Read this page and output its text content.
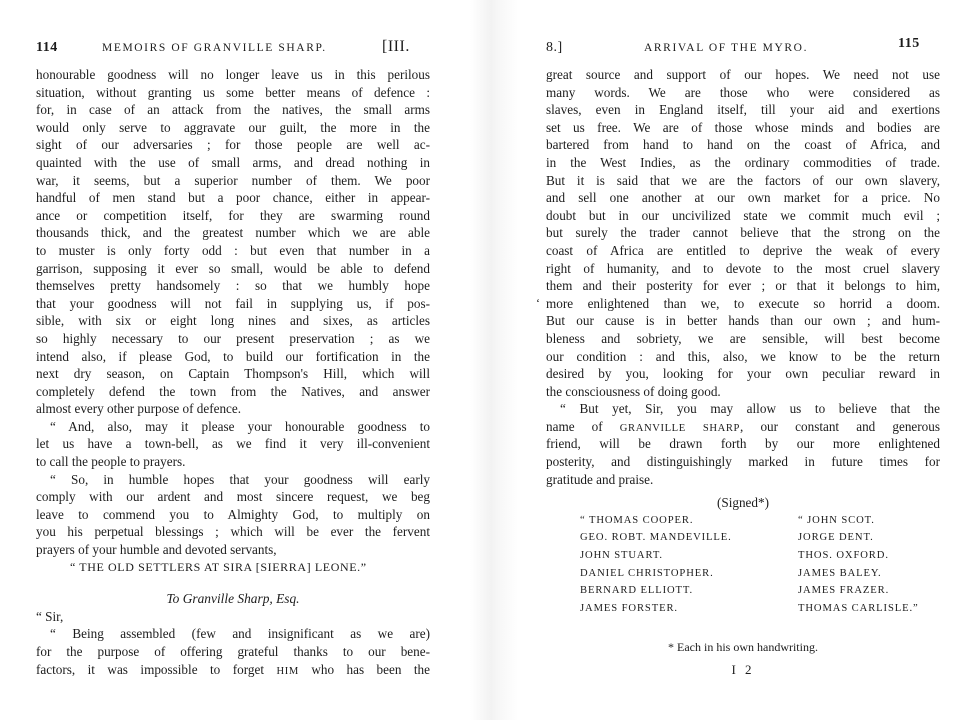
114	MEMOIRS OF GRANVILLE SHARP.	[III.
honourable goodness will no longer leave us in this perilous
situation, without granting us some better means of defence :
for, in case of an attack from the natives, the small arms
would only serve to aggravate our guilt, the more in the
sight of our adversaries ; for those people are well ac-
quainted with the use of small arms, and dread nothing in
war, it seems, but a superior number of them. We poor
handful of men stand but a poor chance, either in appear-
ance or competition itself, for they are swarming round
thousands thick, and the greatest number which we are able
to muster is only forty odd : but even that number in a
garrison, supposing it ever so small, would be able to defend
themselves pretty handsomely : so that we humbly hope
that your goodness will not fail in supplying us, if pos-
sible, with six or eight long nines and sixes, as articles
so highly necessary to our present preservation ; as we
intend also, if please God, to build our fortification in the
next dry season, on Captain Thompson's Hill, which will
completely defend the town from the Natives, and answer
almost every other purpose of defence.
“ And, also, may it please your honourable goodness to
let us have a town-bell, as we find it very ill-convenient
to call the people to prayers.
“ So, in humble hopes that your goodness will early
comply with our ardent and most sincere request, we beg
leave to commend you to Almighty God, to multiply on
you his perpetual blessings ; which will be ever the fervent
prayers of your humble and devoted servants,
“ THE OLD SETTLERS AT SIRA [SIERRA] LEONE.”
To Granville Sharp, Esq.
“ Sir,
“ Being assembled (few and insignificant as we are)
for the purpose of offering grateful thanks to our bene-
factors, it was impossible to forget HIM who has been the
8.]	ARRIVAL OF THE MYRO.	115
great source and support of our hopes. We need not use
many words. We are those who were considered as
slaves, even in England itself, till your aid and exertions
set us free. We are of those whose minds and bodies are
bartered from hand to hand on the coast of Africa, and
in the West Indies, as the ordinary commodities of trade.
But it is said that we are the factors of our own slavery,
and sell one another at our own market for a price. No
doubt but in our uncivilized state we commit much evil ;
but surely the trader cannot believe that the strong on the
coast of Africa are entitled to deprive the weak of every
right of humanity, and to devote to the most cruel slavery
them and their posterity for ever ; or that it belongs to him,
‘ more enlightened than we, to execute so horrid a doom.
But our cause is in better hands than our own ; and hum-
bleness and sobriety, we are sensible, will best become
our condition : and this, also, we know to be the return
desired by you, looking for your own peculiar reward in
the consciousness of doing good.
“ But yet, Sir, you may allow us to believe that the
name of GRANVILLE SHARP, our constant and generous
friend, will be drawn forth by our more enlightened
posterity, and distinguishingly marked in future times for
gratitude and praise.
(Signed*)
“ THOMAS COOPER.	“ JOHN SCOT.
GEO. ROBT. MANDEVILLE.	JORGE DENT.
JOHN STUART.	THOS. OXFORD.
DANIEL CHRISTOPHER.	JAMES BALEY.
BERNARD ELLIOTT.	JAMES FRAZER.
JAMES FORSTER.	THOMAS CARLISLE.”
* Each in his own handwriting.
I 2
